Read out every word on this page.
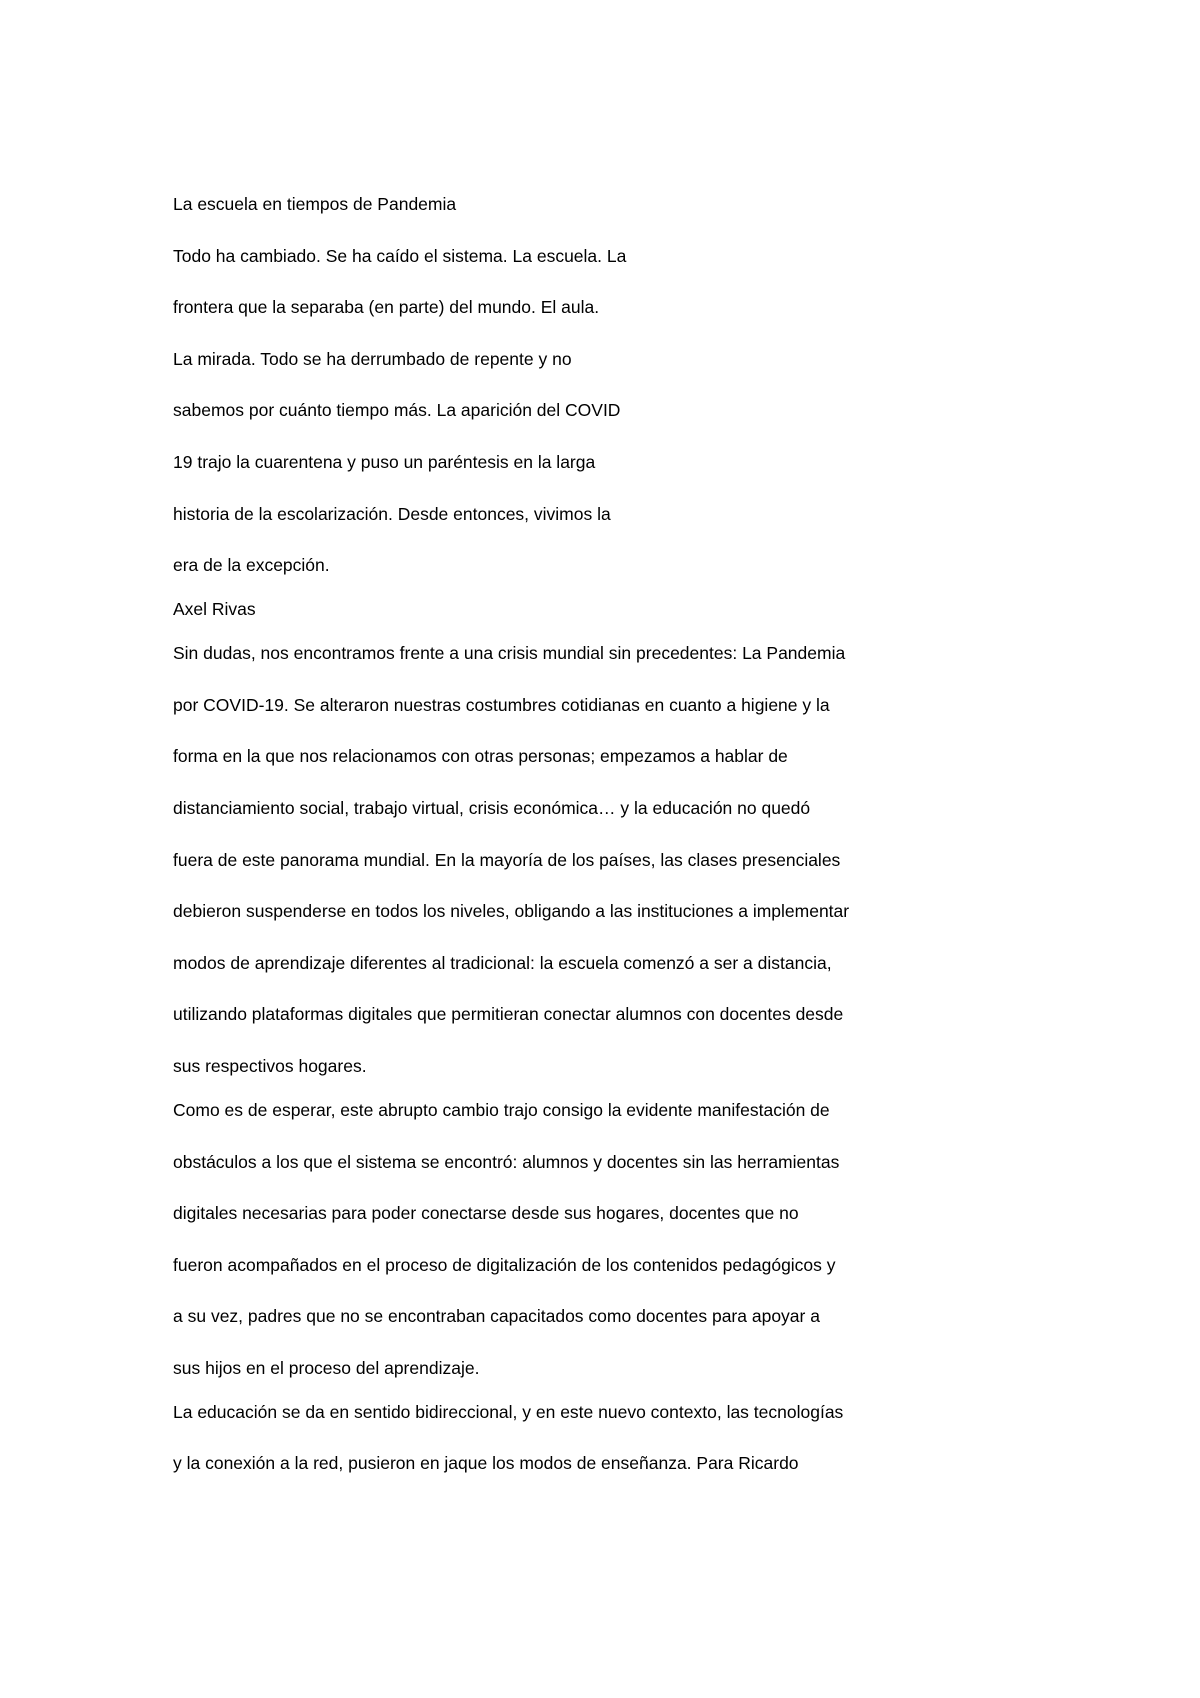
La escuela en tiempos de Pandemia
Todo ha cambiado. Se ha caído el sistema. La escuela. La
frontera que la separaba (en parte) del mundo. El aula.
La mirada. Todo se ha derrumbado de repente y no
sabemos por cuánto tiempo más. La aparición del COVID
19 trajo la cuarentena y puso un paréntesis en la larga
historia de la escolarización. Desde entonces, vivimos la
era de la excepción.
Axel Rivas
Sin dudas, nos encontramos frente a una crisis mundial sin precedentes: La Pandemia
por COVID-19. Se alteraron nuestras costumbres cotidianas en cuanto a higiene y la
forma en la que nos relacionamos con otras personas; empezamos a hablar de
distanciamiento social, trabajo virtual, crisis económica… y la educación no quedó
fuera de este panorama mundial. En la mayoría de los países, las clases presenciales
debieron suspenderse en todos los niveles, obligando a las instituciones a implementar
modos de aprendizaje diferentes al tradicional: la escuela comenzó a ser a distancia,
utilizando plataformas digitales que permitieran conectar alumnos con docentes desde
sus respectivos hogares.
Como es de esperar, este abrupto cambio trajo consigo la evidente manifestación de
obstáculos a los que el sistema se encontró: alumnos y docentes sin las herramientas
digitales necesarias para poder conectarse desde sus hogares, docentes que no
fueron acompañados en el proceso de digitalización de los contenidos pedagógicos y
a su vez, padres que no se encontraban capacitados como docentes para apoyar a
sus hijos en el proceso del aprendizaje.
La educación se da en sentido bidireccional, y en este nuevo contexto, las tecnologías
y la conexión a la red, pusieron en jaque los modos de enseñanza. Para Ricardo
